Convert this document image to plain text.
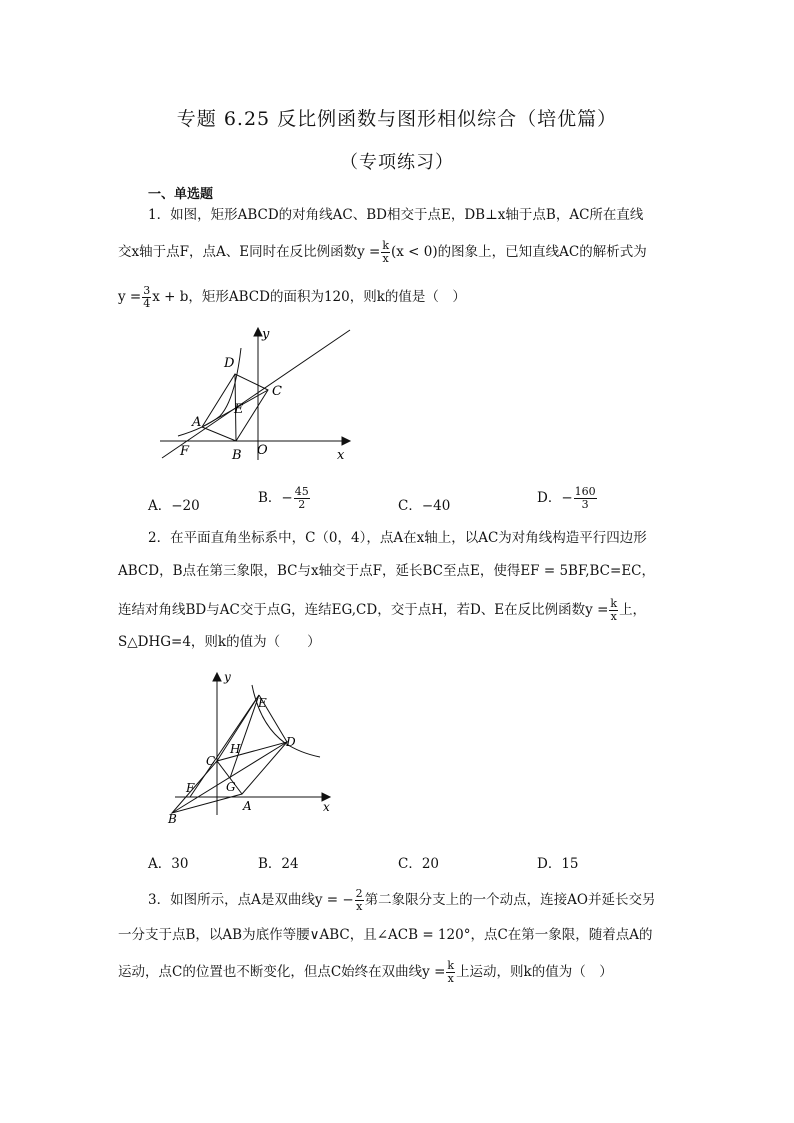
专题 6.25 反比例函数与图形相似综合（培优篇）
（专项练习）
一、单选题
1．如图，矩形ABCD的对角线AC、BD相交于点E，DB⊥x轴于点B，AC所在直线
交x轴于点F，点A、E同时在反比例函数$y = \frac{k}{x} (x < 0)$的图象上，已知直线AC的解析式为
$y = \frac{3}{4}$ x + b，矩形ABCD的面积为120，则k的值是（　）
D
C
E
A
F	B O	x
y
A．−20	B．− $\frac{45}{2}$	C．−40	D．− $\frac{160}{3}$
2．在平面直角坐标系中，C（0，4），点A在x轴上，以AC为对角线构造平行四边形
ABCD，B点在第三象限，BC与x轴交于点F，延长BC至点E，使得EF = 5BF,BC=EC，
连结对角线BD与AC交于点G，连结EG,CD，交于点H，若D、E在反比例函数$y = \frac{k}{x}$ 上，
S△DHG=4，则k的值为（　　）
y
E
D
H
C
F	G
A
B
x
A．30	B．24	C．20	D．15
3．如图所示，点A是双曲线y = − $\frac{2}{x}$ 第二象限分支上的一个动点，连接AO并延长交另
一分支于点B，以AB为底作等腰∨ABC，且∠ACB = 120°，点C在第一象限，随着点A的
运动，点C的位置也不断变化，但点C始终在双曲线$y = \frac{k}{x}$ 上运动，则k的值为（　）
